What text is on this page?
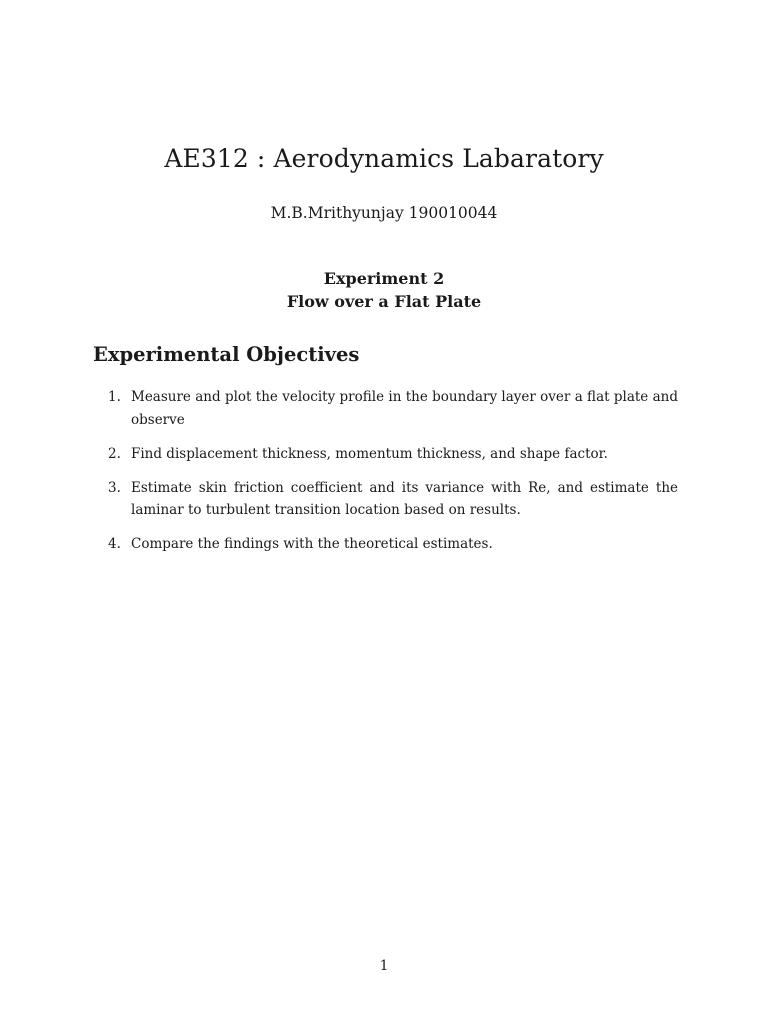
AE312 : Aerodynamics Labaratory

M.B.Mrithyunjay 190010044

Experiment 2

Flow over a Flat Plate

Experimental Objectives
1. Measure and plot the velocity profile in the boundary layer over a flat plate and observe
2. Find displacement thickness, momentum thickness, and shape factor.
3. Estimate skin friction coefficient and its variance with Re, and estimate the laminar to turbulent transition location based on results.
4. Compare the findings with the theoretical estimates.

1
